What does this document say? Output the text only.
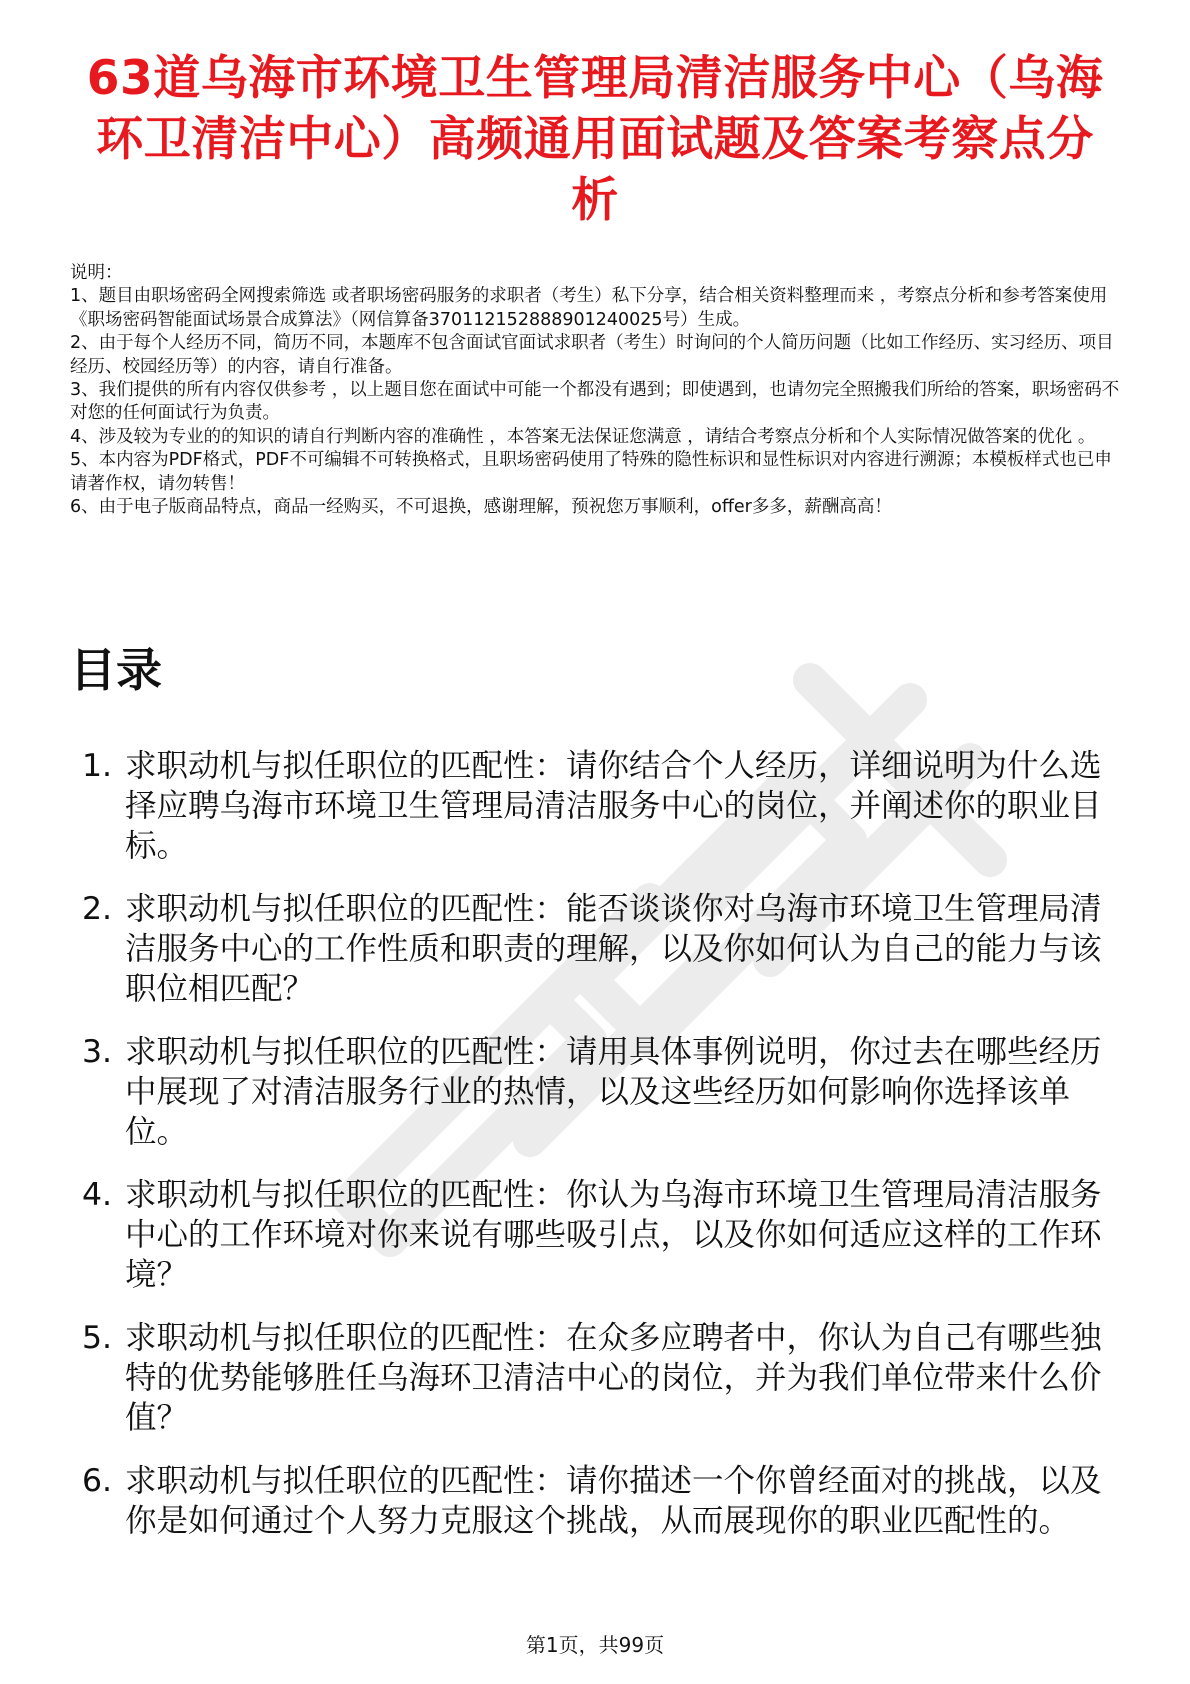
63道乌海市环境卫生管理局清洁服务中心（乌海环卫清洁中心）高频通用面试题及答案考察点分析

说明：

1、题目由职场密码全网搜索筛选 或者职场密码服务的求职者（考生）私下分享，结合相关资料整理而来 ，考察点分析和参考答案使用《职场密码智能面试场景合成算法》（网信算备370112152888901240025号）生成。

2、由于每个人经历不同，简历不同，本题库不包含面试官面试求职者（考生）时询问的个人简历问题（比如工作经历、实习经历、项目经历、校园经历等）的内容，请自行准备。

3、我们提供的所有内容仅供参考 ，以上题目您在面试中可能一个都没有遇到；即使遇到，也请勿完全照搬我们所给的答案，职场密码不对您的任何面试行为负责。

4、涉及较为专业的的知识的请自行判断内容的准确性 ，本答案无法保证您满意 ，请结合考察点分析和个人实际情况做答案的优化 。

5、本内容为PDF格式，PDF不可编辑不可转换格式，且职场密码使用了特殊的隐性标识和显性标识对内容进行溯源；本模板样式也已申请著作权，请勿转售！

6、由于电子版商品特点，商品一经购买，不可退换，感谢理解，预祝您万事顺利，offer多多，薪酬高高！

目录
1. 求职动机与拟任职位的匹配性：请你结合个人经历，详细说明为什么选择应聘乌海市环境卫生管理局清洁服务中心的岗位，并阐述你的职业目标。
2. 求职动机与拟任职位的匹配性：能否谈谈你对乌海市环境卫生管理局清洁服务中心的工作性质和职责的理解，以及你如何认为自己的能力与该职位相匹配？
3. 求职动机与拟任职位的匹配性：请用具体事例说明，你过去在哪些经历中展现了对清洁服务行业的热情，以及这些经历如何影响你选择该单位。
4. 求职动机与拟任职位的匹配性：你认为乌海市环境卫生管理局清洁服务中心的工作环境对你来说有哪些吸引点，以及你如何适应这样的工作环境？
5. 求职动机与拟任职位的匹配性：在众多应聘者中，你认为自己有哪些独特的优势能够胜任乌海环卫清洁中心的岗位，并为我们单位带来什么价值？
6. 求职动机与拟任职位的匹配性：请你描述一个你曾经面对的挑战，以及你是如何通过个人努力克服这个挑战，从而展现你的职业匹配性的。
第1页，共99页
